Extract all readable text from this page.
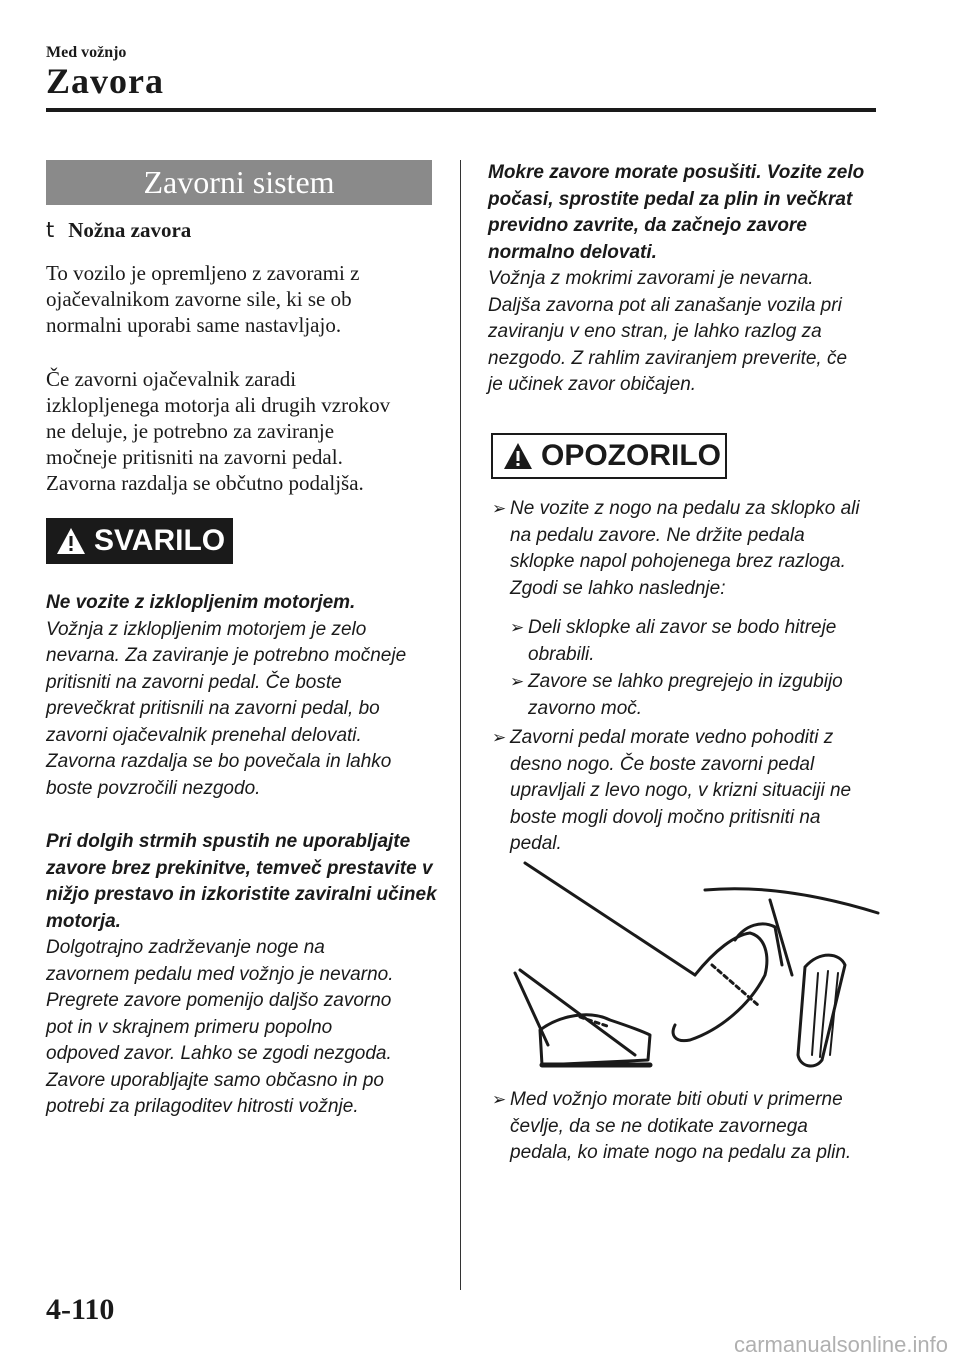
Med vožnjo
Zavora
Zavorni sistem
t Nožna zavora
To vozilo je opremljeno z zavorami z
ojačevalnikom zavorne sile, ki se ob
normalni uporabi same nastavljajo.
Če zavorni ojačevalnik zaradi
izklopljenega motorja ali drugih vzrokov
ne deluje, je potrebno za zaviranje
močneje pritisniti na zavorni pedal.
Zavorna razdalja se občutno podaljša.
SVARILO
Ne vozite z izklopljenim motorjem.
Vožnja z izklopljenim motorjem je zelo
nevarna. Za zaviranje je potrebno močneje
pritisniti na zavorni pedal. Če boste
prevečkrat pritisnili na zavorni pedal, bo
zavorni ojačevalnik prenehal delovati.
Zavorna razdalja se bo povečala in lahko
boste povzročili nezgodo.
Pri dolgih strmih spustih ne uporabljajte
zavore brez prekinitve, temveč prestavite v
nižjo prestavo in izkoristite zaviralni učinek
motorja.
Dolgotrajno zadrževanje noge na
zavornem pedalu med vožnjo je nevarno.
Pregrete zavore pomenijo daljšo zavorno
pot in v skrajnem primeru popolno
odpoved zavor. Lahko se zgodi nezgoda.
Zavore uporabljajte samo občasno in po
potrebi za prilagoditev hitrosti vožnje.
Mokre zavore morate posušiti. Vozite zelo
počasi, sprostite pedal za plin in večkrat
previdno zavrite, da začnejo zavore
normalno delovati.
Vožnja z mokrimi zavorami je nevarna.
Daljša zavorna pot ali zanašanje vozila pri
zaviranju v eno stran, je lahko razlog za
nezgodo. Z rahlim zaviranjem preverite, če
je učinek zavor običajen.
OPOZORILO
➢ Ne vozite z nogo na pedalu za sklopko ali
na pedalu zavore. Ne držite pedala
sklopke napol pohojenega brez razloga.
Zgodi se lahko naslednje:
➢ Deli sklopke ali zavor se bodo hitreje
obrabili.
➢ Zavore se lahko pregrejejo in izgubijo
zavorno moč.
➢ Zavorni pedal morate vedno pohoditi z
desno nogo. Če boste zavorni pedal
upravljali z levo nogo, v krizni situaciji ne
boste mogli dovolj močno pritisniti na
pedal.
➢ Med vožnjo morate biti obuti v primerne
čevlje, da se ne dotikate zavornega
pedala, ko imate nogo na pedalu za plin.
4-110
carmanualsonline.info
